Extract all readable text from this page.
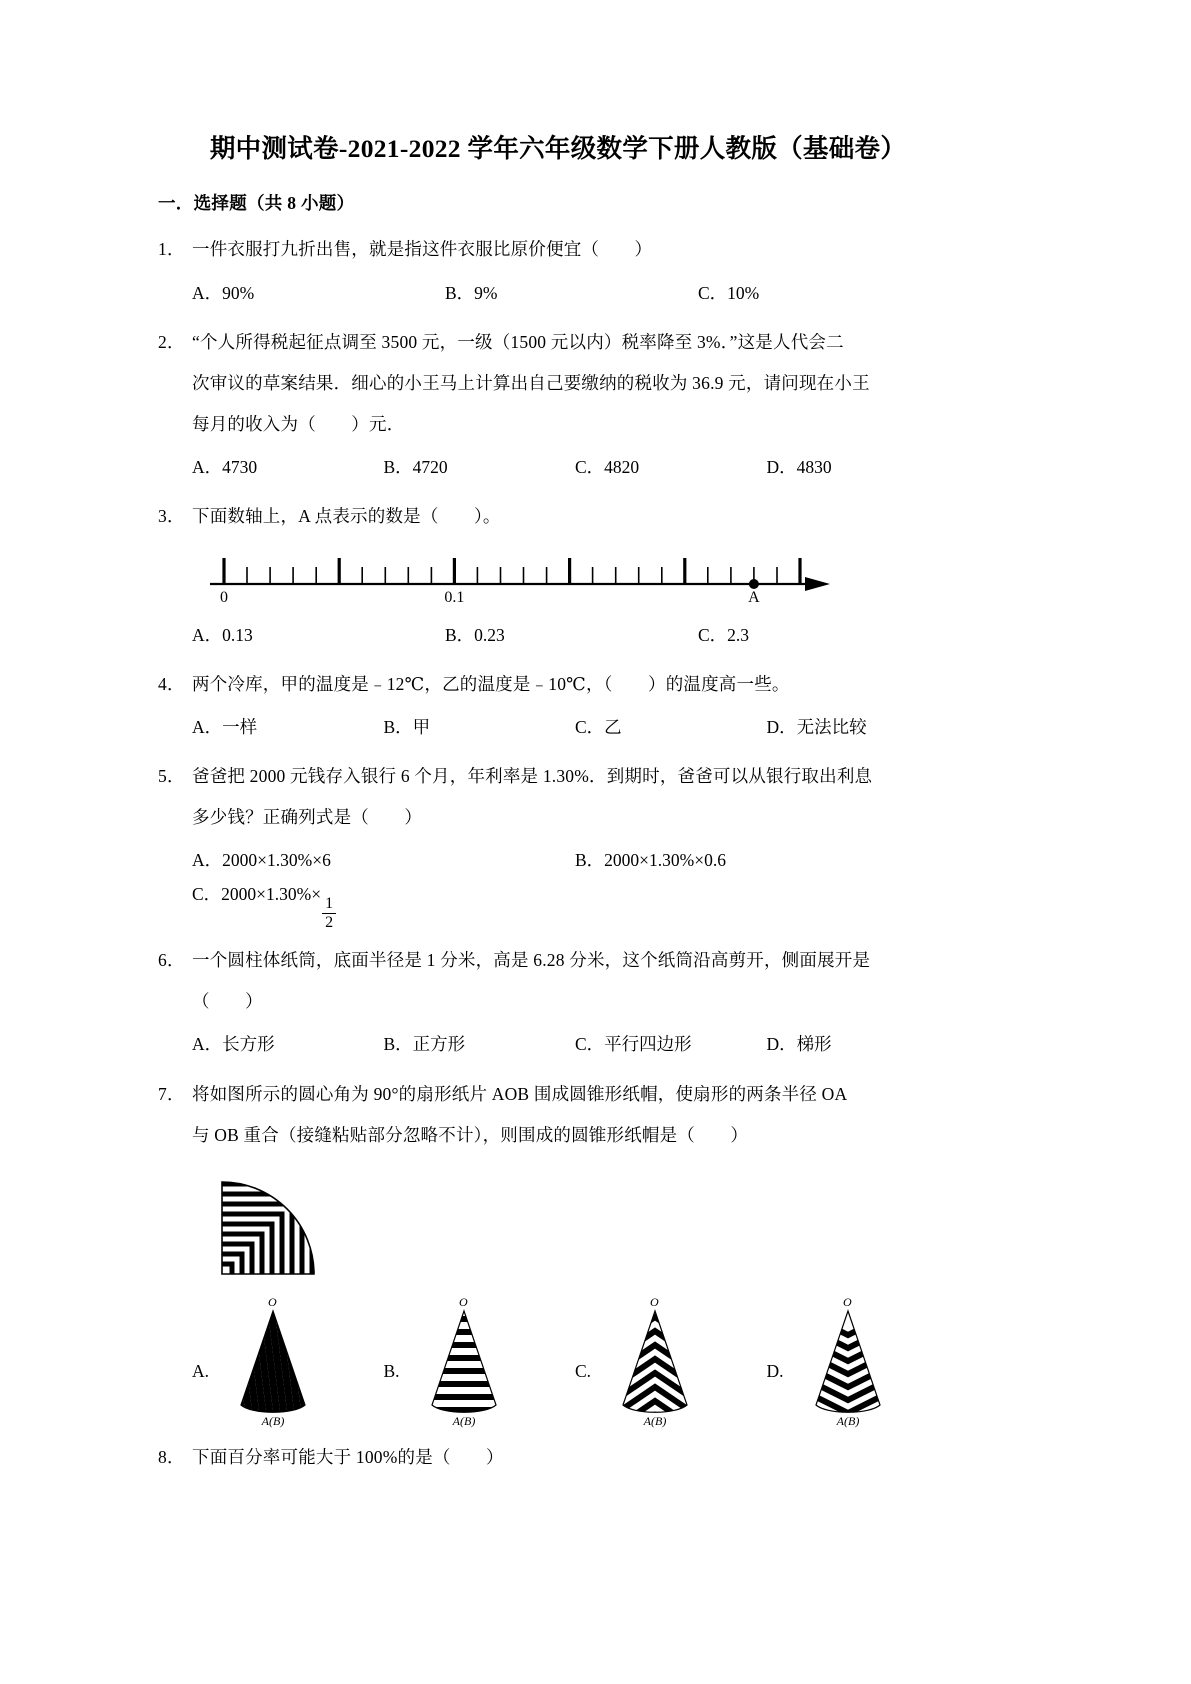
期中测试卷-2021-2022 学年六年级数学下册人教版（基础卷）
一．选择题（共 8 小题）
1． 一件衣服打九折出售，就是指这件衣服比原价便宜（　　）
A．90%	B．9%	C．10%
2． “个人所得税起征点调至 3500 元，一级（1500 元以内）税率降至 3%．”这是人代会二
次审议的草案结果．细心的小王马上计算出自己要缴纳的税收为 36.9 元，请问现在小王
每月的收入为（　　）元．
A．4730	B．4720	C．4820	D．4830
3． 下面数轴上，A 点表示的数是（　　）。
0	0.1	A
A．0.13	B．0.23	C．2.3
4． 两个冷库，甲的温度是﹣12℃，乙的温度是﹣10℃，（　　）的温度高一些。
A．一样	B．甲	C．乙	D．无法比较
5． 爸爸把 2000 元钱存入银行 6 个月，年利率是 1.30%．到期时，爸爸可以从银行取出利息
多少钱？正确列式是（　　）
A．2000×1.30%×6	B．2000×1.30%×0.6
C．2000×1.30%×
$\frac{1}{2}$
6． 一个圆柱体纸筒，底面半径是 1 分米，高是 6.28 分米，这个纸筒沿高剪开，侧面展开是
（　　）
A．长方形	B．正方形	C．平行四边形	D．梯形
7． 将如图所示的圆心角为 90°的扇形纸片 AOB 围成圆锥形纸帽，使扇形的两条半径 OA
与 OB 重合（接缝粘贴部分忽略不计），则围成的圆锥形纸帽是（　　）
A.
O
A(B)
B.
O
A(B)
C.
O
A(B)
D.
O
A(B)
8． 下面百分率可能大于 100%的是（　　）
